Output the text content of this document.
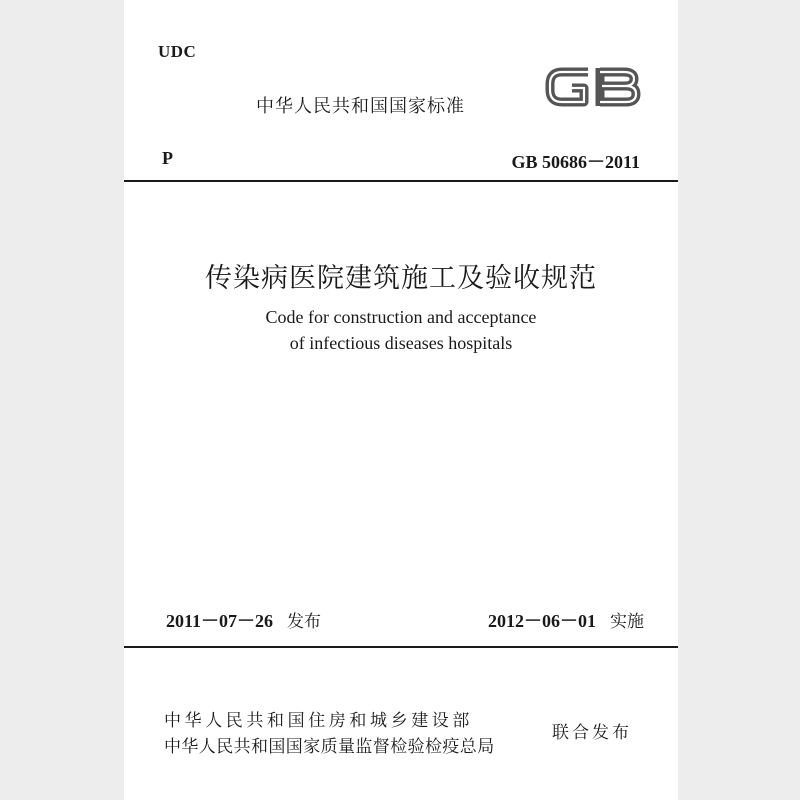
UDC
中华人民共和国国家标准
P	GB 50686－2011
传染病医院建筑施工及验收规范
Code for construction and acceptance
of infectious diseases hospitals
2011－07－26 发布	2012－06－01 实施
中华人民共和国住房和城乡建设部
中华人民共和国国家质量监督检验检疫总局
联合发布
